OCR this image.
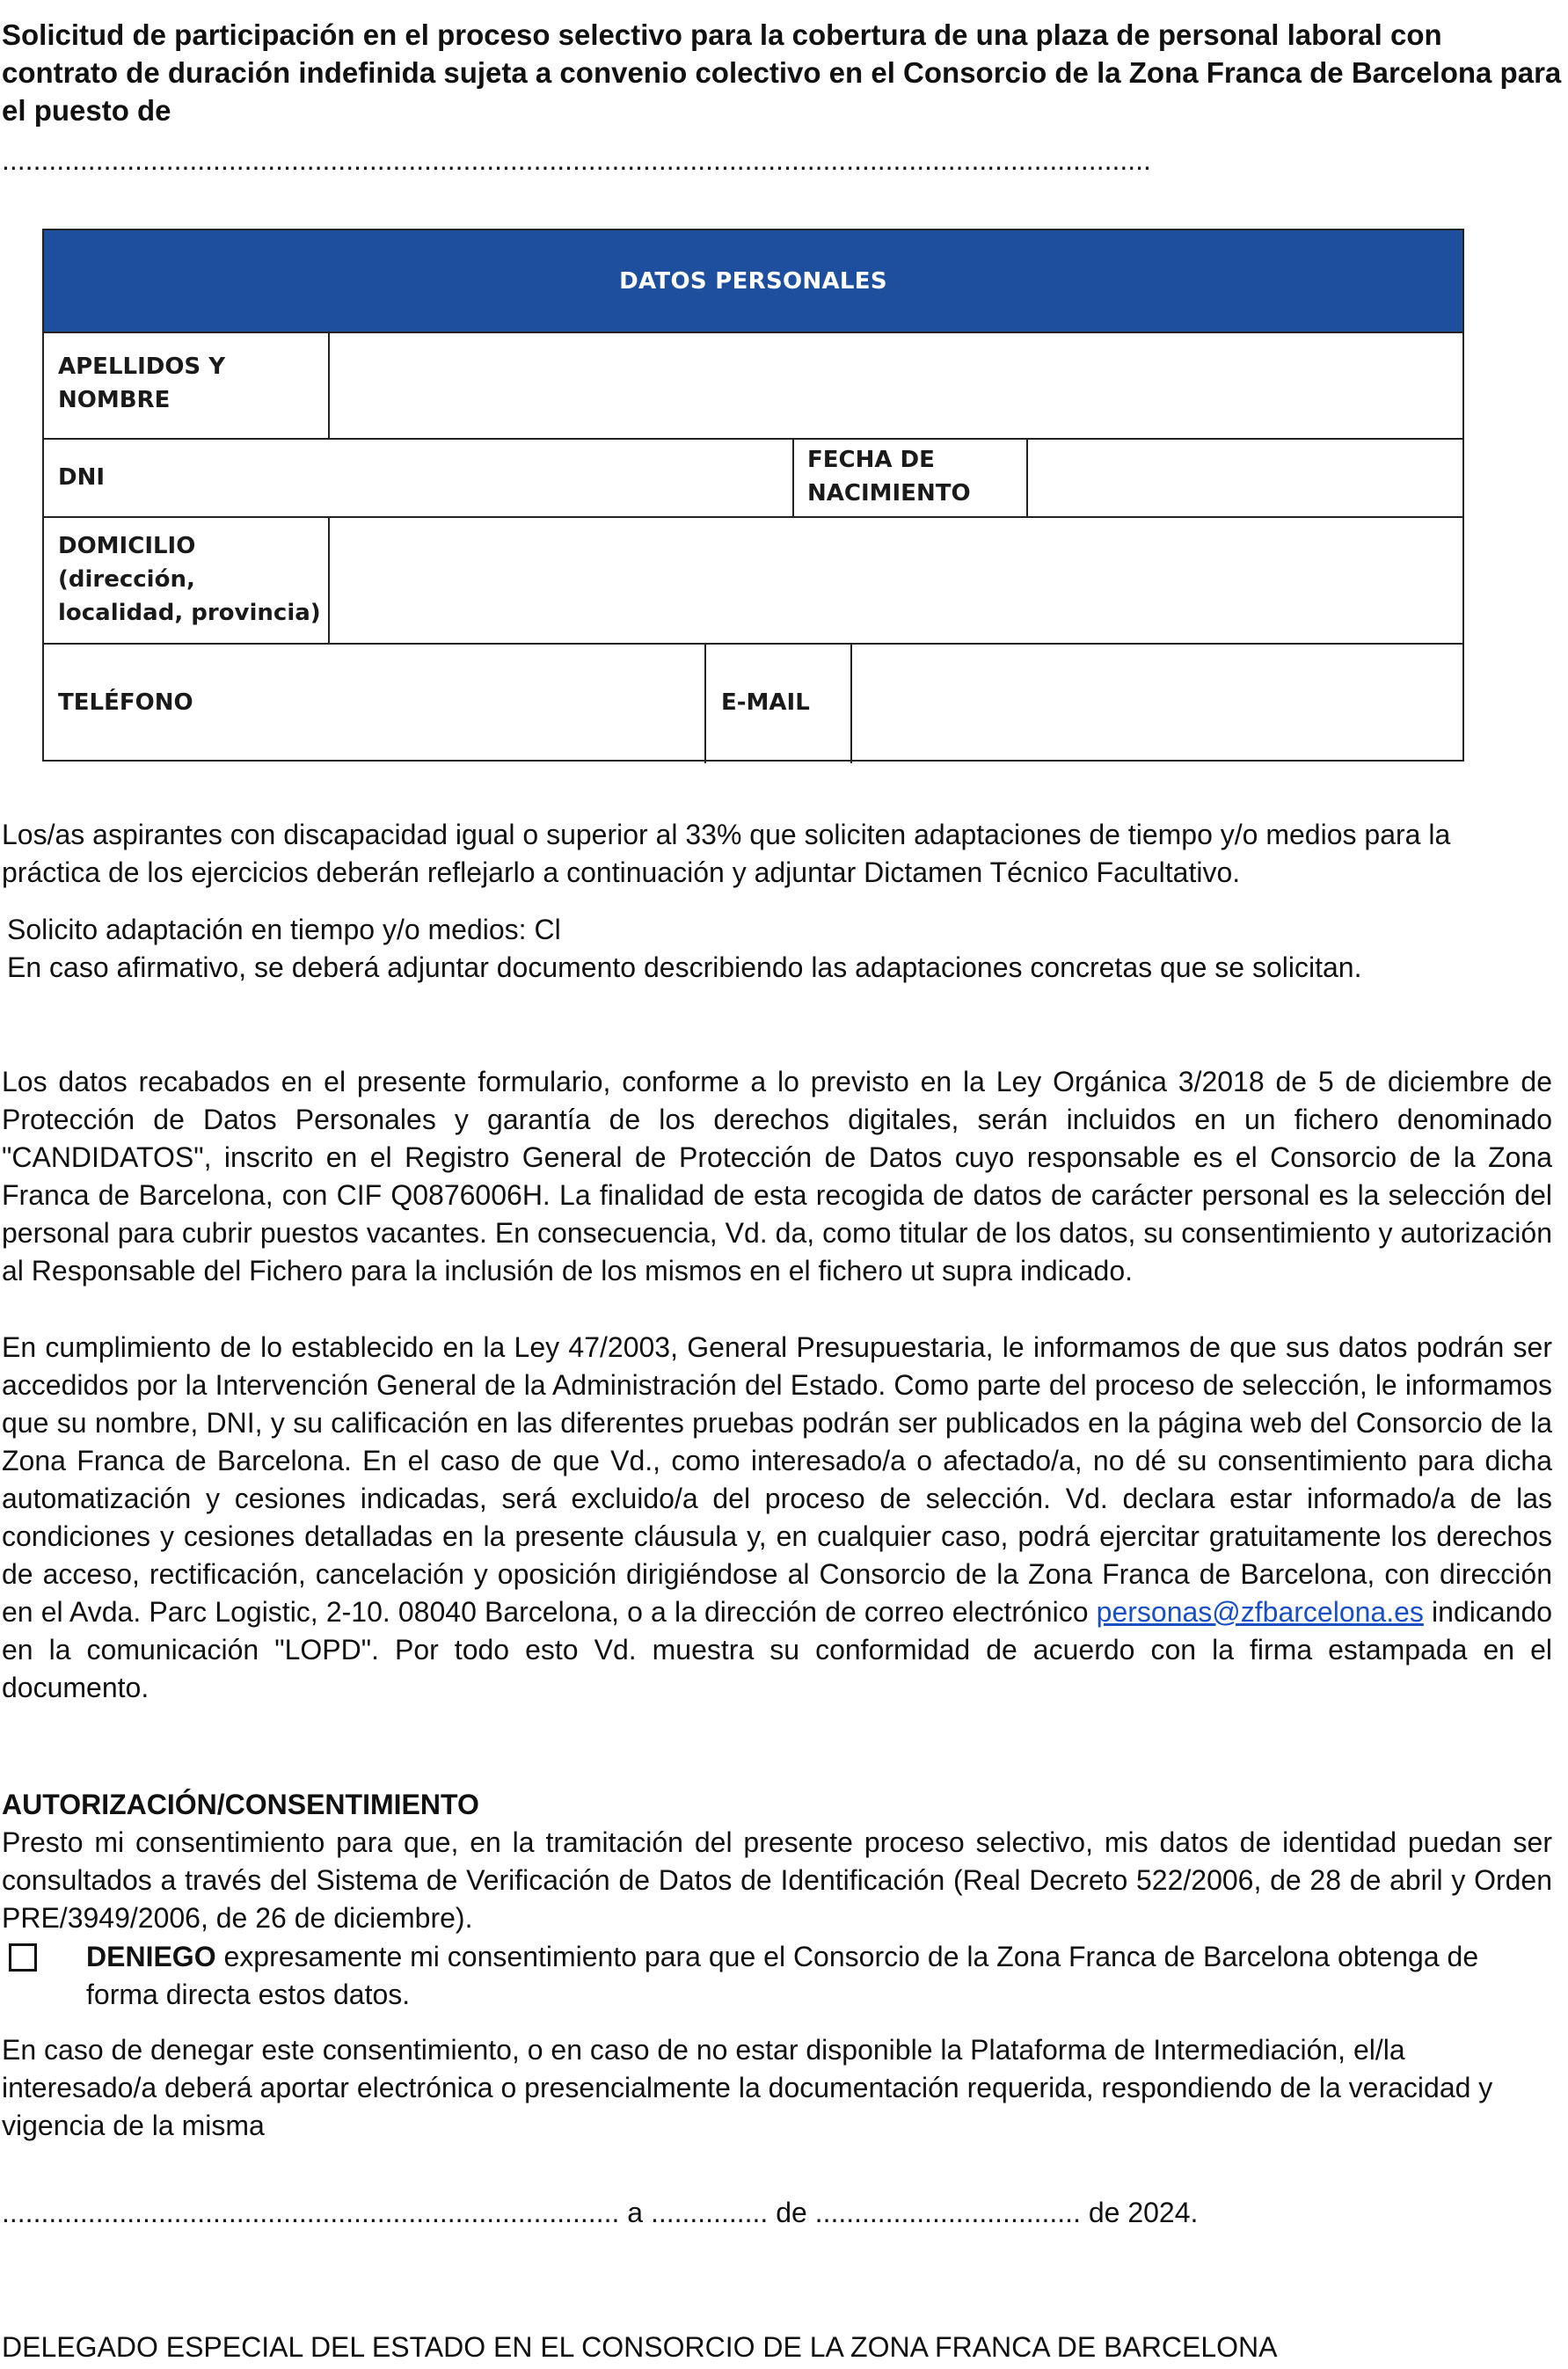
Solicitud de participación en el proceso selectivo para la cobertura de una plaza de personal laboral con contrato de duración indefinida sujeta a convenio colectivo en el Consorcio de la Zona Franca de Barcelona para el puesto de

...................................................................................................................................................
DATOS PERSONALES
APELLIDOS Y NOMBRE
DNI
FECHA DE NACIMIENTO
DOMICILIO (dirección, localidad, provincia)
TELÉFONO	E-MAIL

Los/as aspirantes con discapacidad igual o superior al 33% que soliciten adaptaciones de tiempo y/o medios para la práctica de los ejercicios deberán reflejarlo a continuación y adjuntar Dictamen Técnico Facultativo.

Solicito adaptación en tiempo y/o medios: Cl

En caso afirmativo, se deberá adjuntar documento describiendo las adaptaciones concretas que se solicitan.

Los datos recabados en el presente formulario, conforme a lo previsto en la Ley Orgánica 3/2018 de 5 de diciembre de Protección de Datos Personales y garantía de los derechos digitales, serán incluidos en un fichero denominado "CANDIDATOS", inscrito en el Registro General de Protección de Datos cuyo responsable es el Consorcio de la Zona Franca de Barcelona, con CIF Q0876006H. La finalidad de esta recogida de datos de carácter personal es la selección del personal para cubrir puestos vacantes. En consecuencia, Vd. da, como titular de los datos, su consentimiento y autorización al Responsable del Fichero para la inclusión de los mismos en el fichero ut supra indicado.

En cumplimiento de lo establecido en la Ley 47/2003, General Presupuestaria, le informamos de que sus datos podrán ser accedidos por la Intervención General de la Administración del Estado. Como parte del proceso de selección, le informamos que su nombre, DNI, y su calificación en las diferentes pruebas podrán ser publicados en la página web del Consorcio de la Zona Franca de Barcelona. En el caso de que Vd., como interesado/a o afectado/a, no dé su consentimiento para dicha automatización y cesiones indicadas, será excluido/a del proceso de selección. Vd. declara estar informado/a de las condiciones y cesiones detalladas en la presente cláusula y, en cualquier caso, podrá ejercitar gratuitamente los derechos de acceso, rectificación, cancelación y oposición dirigiéndose al Consorcio de la Zona Franca de Barcelona, con dirección en el Avda. Parc Logistic, 2-10. 08040 Barcelona, o a la dirección de correo electrónico personas@zfbarcelona.es indicando en la comunicación "LOPD". Por todo esto Vd. muestra su conformidad de acuerdo con la firma estampada en el documento.

AUTORIZACIÓN/CONSENTIMIENTO

Presto mi consentimiento para que, en la tramitación del presente proceso selectivo, mis datos de identidad puedan ser consultados a través del Sistema de Verificación de Datos de Identificación (Real Decreto 522/2006, de 28 de abril y Orden PRE/3949/2006, de 26 de diciembre).

DENIEGO expresamente mi consentimiento para que el Consorcio de la Zona Franca de Barcelona obtenga de forma directa estos datos.

En caso de denegar este consentimiento, o en caso de no estar disponible la Plataforma de Intermediación, el/la interesado/a deberá aportar electrónica o presencialmente la documentación requerida, respondiendo de la veracidad y vigencia de la misma

............................................................................... a ............... de .................................. de 2024.
DELEGADO ESPECIAL DEL ESTADO EN EL CONSORCIO DE LA ZONA FRANCA DE BARCELONA
